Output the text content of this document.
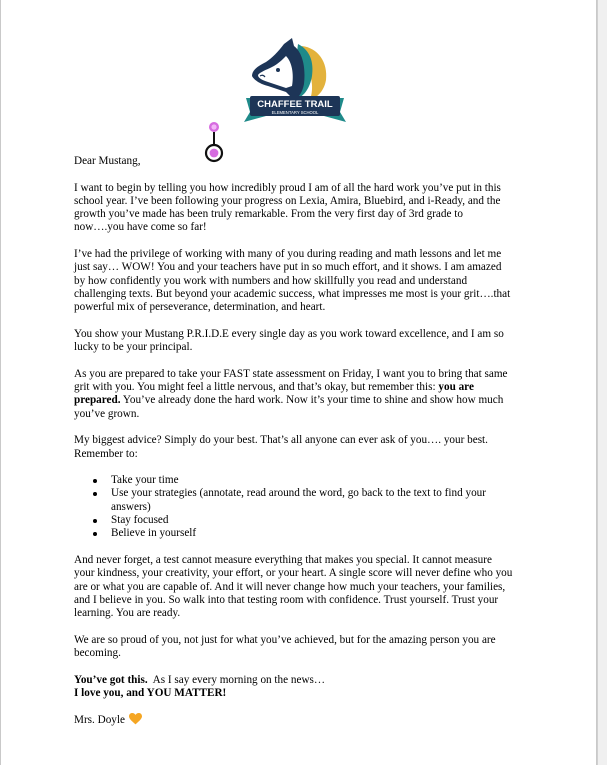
CHAFFEE TRAIL
ELEMENTARY SCHOOL

Dear Mustang,

I want to begin by telling you how incredibly proud I am of all the hard work you’ve put in this school year. I’ve been following your progress on Lexia, Amira, Bluebird, and i-Ready, and the growth you’ve made has been truly remarkable. From the very first day of 3rd grade to now….you have come so far!

I’ve had the privilege of working with many of you during reading and math lessons and let me just say… WOW! You and your teachers have put in so much effort, and it shows. I am amazed by how confidently you work with numbers and how skillfully you read and understand challenging texts. But beyond your academic success, what impresses me most is your grit….that powerful mix of perseverance, determination, and heart.

You show your Mustang P.R.I.D.E every single day as you work toward excellence, and I am so lucky to be your principal.

As you are prepared to take your FAST state assessment on Friday, I want you to bring that same grit with you. You might feel a little nervous, and that’s okay, but remember this: you are prepared. You’ve already done the hard work. Now it’s your time to shine and show how much you’ve grown.

My biggest advice? Simply do your best. That’s all anyone can ever ask of you…. your best. Remember to:

Take your time
Use your strategies (annotate, read around the word, go back to the text to find your answers)
Stay focused
Believe in yourself

And never forget, a test cannot measure everything that makes you special. It cannot measure your kindness, your creativity, your effort, or your heart. A single score will never define who you are or what you are capable of. And it will never change how much your teachers, your families, and I believe in you. So walk into that testing room with confidence. Trust yourself. Trust your learning. You are ready.

We are so proud of you, not just for what you’ve achieved, but for the amazing person you are becoming.

You’ve got this.  As I say every morning on the news…

I love you, and YOU MATTER!

Mrs. Doyle
